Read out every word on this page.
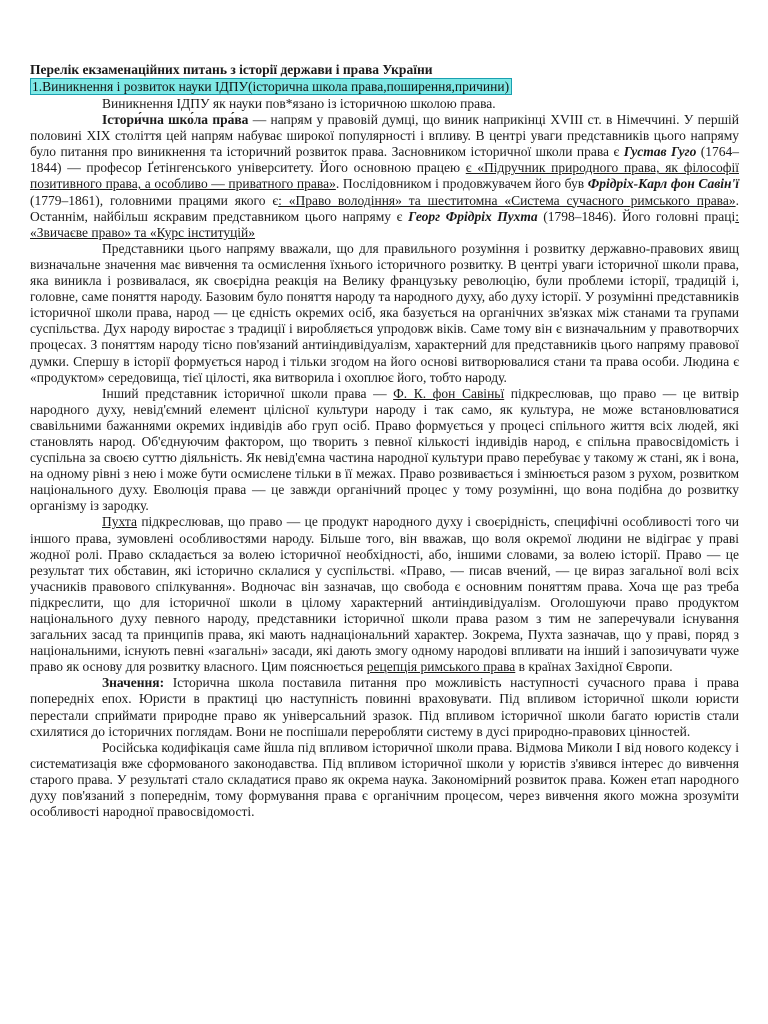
Перелік екзаменаційних питань з історії держави і права України
1.Виникнення і розвиток науки ІДПУ(історична школа права,поширення,причини)

Виникнення ІДПУ як науки пов*язано із історичною школою права.

Істори́чна шко́ла пра́ва — напрям у правовій думці, що виник наприкінці XVIII ст. в Німеччині. У першій половині XIX століття цей напрям набуває широкої популярності і впливу. В центрі уваги представників цього напряму було питання про виникнення та історичний розвиток права. Засновником історичної школи права є Густав Гуго (1764–1844) — професор Ґетінгенського університету. Його основною працею є «Підручник природного права, як філософії позитивного права, а особливо — приватного права». Послідовником і продовжувачем його був Фрідріх-Карл фон Савін'ї (1779–1861), головними працями якого є: «Право володіння» та шеститомна «Система сучасного римського права». Останнім, найбільш яскравим представником цього напряму є Георг Фрідріх Пухта (1798–1846). Його головні праці: «Звичаєве право» та «Курс інституцій»

Представники цього напряму вважали, що для правильного розуміння і розвитку державно-правових явищ визначальне значення має вивчення та осмислення їхнього історичного розвитку. В центрі уваги історичної школи права, яка виникла і розвивалася, як своєрідна реакція на Велику французьку революцію, були проблеми історії, традицій і, головне, саме поняття народу. Базовим було поняття народу та народного духу, або духу історії. У розумінні представників історичної школи права, народ — це єдність окремих осіб, яка базується на органічних зв'язках між станами та групами суспільства. Дух народу виростає з традиції і виробляється упродовж віків. Саме тому він є визначальним у правотворчих процесах. З поняттям народу тісно пов'язаний антиіндивідуалізм, характерний для представників цього напряму правової думки. Спершу в історії формується народ і тільки згодом на його основі витворювалися стани та права особи. Людина є «продуктом» середовища, тієї цілості, яка витворила і охоплює його, тобто народу.

Інший представник історичної школи права — Ф. К. фон Савіньї підкреслював, що право — це витвір народного духу, невід'ємний елемент цілісної культури народу і так само, як культура, не може встановлюватися свавільними бажаннями окремих індивідів або груп осіб. Право формується у процесі спільного життя всіх людей, які становлять народ. Об'єднуючим фактором, що творить з певної кількості індивідів народ, є спільна правосвідомість і суспільна за своєю суттю діяльність. Як невід'ємна частина народної культури право перебуває у такому ж стані, як і вона, на одному рівні з нею і може бути осмислене тільки в її межах. Право розвивається і змінюється разом з рухом, розвитком національного духу. Еволюція права — це завжди органічний процес у тому розумінні, що вона подібна до розвитку організму із зародку.

Пухта підкреслював, що право — це продукт народного духу і своєрідність, специфічні особливості того чи іншого права, зумовлені особливостями народу. Більше того, він вважав, що воля окремої людини не відіграє у праві жодної ролі. Право складається за волею історичної необхідності, або, іншими словами, за волею історії. Право — це результат тих обставин, які історично склалися у суспільстві. «Право, — писав вчений, — це вираз загальної волі всіх учасників правового спілкування». Водночас він зазначав, що свобода є основним поняттям права. Хоча ще раз треба підкреслити, що для історичної школи в цілому характерний антиіндивідуалізм. Оголошуючи право продуктом національного духу певного народу, представники історичної школи права разом з тим не заперечували існування загальних засад та принципів права, які мають наднаціональний характер. Зокрема, Пухта зазначав, що у праві, поряд з національними, існують певні «загальні» засади, які дають змогу одному народові впливати на інший і запозичувати чуже право як основу для розвитку власного. Цим пояснюється рецепція римського права в країнах Західної Європи.

Значення: Історична школа поставила питання про можливість наступності сучасного права і права попередніх епох. Юристи в практиці цю наступність повинні враховувати. Під впливом історичної школи юристи перестали сприймати природне право як універсальний зразок. Під впливом історичної школи багато юристів стали схилятися до історичних поглядам. Вони не поспішали переробляти систему в дусі природно-правових цінностей.

Російська кодифікація саме йшла під впливом історичної школи права. Відмова Миколи І від нового кодексу і систематизація вже сформованого законодавства. Під впливом історичної школи у юристів з'явився інтерес до вивчення старого права. У результаті стало складатися право як окрема наука. Закономірний розвиток права. Кожен етап народного духу пов'язаний з попереднім, тому формування права є органічним процесом, через вивчення якого можна зрозуміти особливості народної правосвідомості.
